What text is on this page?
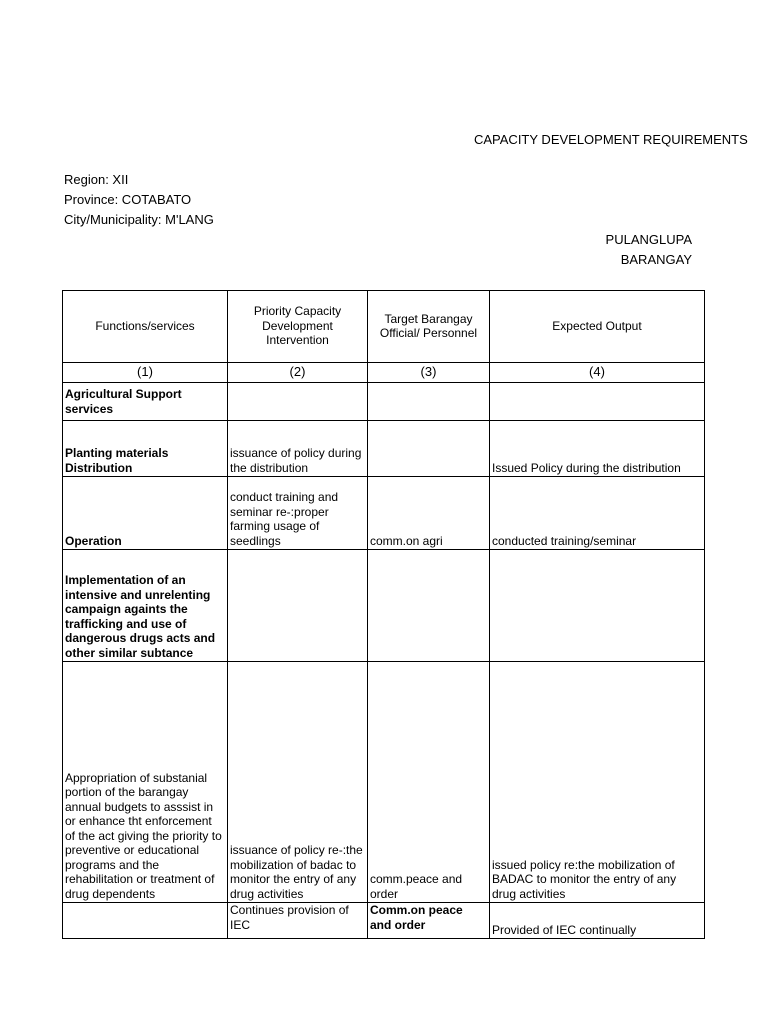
CAPACITY DEVELOPMENT REQUIREMENTS
Region: XII
Province: COTABATO
City/Municipality: M'LANG
PULANGLUPA
BARANGAY
Functions/services	Priority Capacity Development Intervention	Target Barangay Official/ Personnel	Expected Output
(1)	(2)	(3)	(4)
Agricultural Support services			
Planting materials Distribution	issuance of policy during the distribution		Issued Policy during the distribution
Operation	conduct training and seminar re-:proper farming usage of seedlings	comm.on agri	conducted training/seminar
Implementation of an intensive and unrelenting campaign againts the trafficking and use of dangerous drugs acts and other similar subtance			
Appropriation of substanial portion of the barangay annual budgets to asssist in or enhance tht enforcement of the act giving the priority to preventive or educational programs and the rehabilitation or treatment of drug dependents	issuance of policy re-:the mobilization of badac to monitor the entry of any drug activities	comm.peace and order	issued policy re:the mobilization of BADAC to monitor the entry of any drug activities
	Continues provision of IEC	Comm.on peace and order	Provided of IEC continually
